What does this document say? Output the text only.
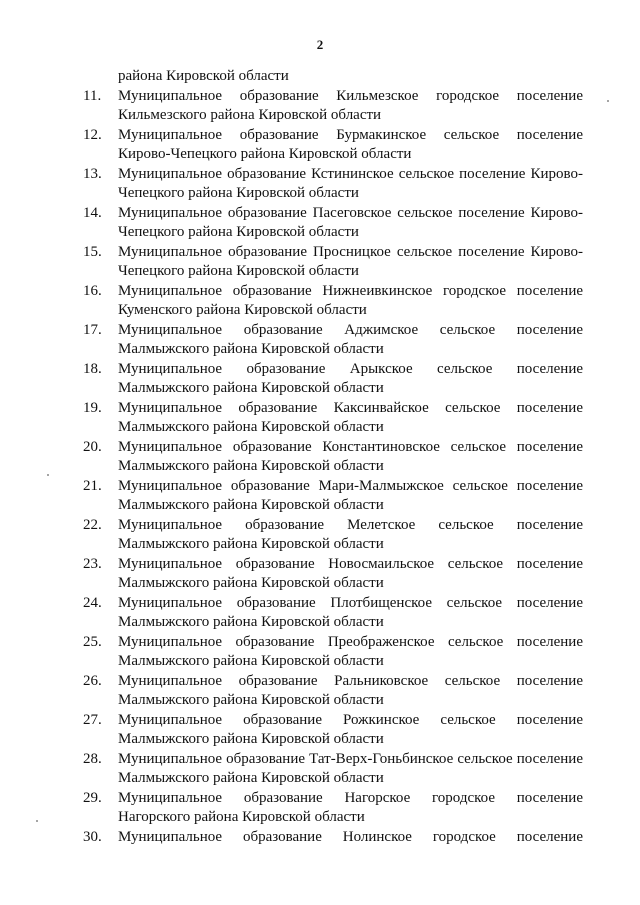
2
района Кировской области
11.	Муниципальное образование Кильмезское городское поселение Кильмезского района Кировской области
12.	Муниципальное образование Бурмакинское сельское поселение Кирово-Чепецкого района Кировской области
13.	Муниципальное образование Кстининское сельское поселение Кирово-Чепецкого района Кировской области
14.	Муниципальное образование Пасеговское сельское поселение Кирово-Чепецкого района Кировской области
15.	Муниципальное образование Просницкое сельское поселение Кирово-Чепецкого района Кировской области
16.	Муниципальное образование Нижнеивкинское городское поселение Куменского района Кировской области
17.	Муниципальное образование Аджимское сельское поселение Малмыжского района Кировской области
18.	Муниципальное образование Арыкское сельское поселение Малмыжского района Кировской области
19.	Муниципальное образование Каксинвайское сельское поселение Малмыжского района Кировской области
20.	Муниципальное образование Константиновское сельское поселение Малмыжского района Кировской области
21.	Муниципальное образование Мари-Малмыжское сельское поселение Малмыжского района Кировской области
22.	Муниципальное образование Мелетское сельское поселение Малмыжского района Кировской области
23.	Муниципальное образование Новосмаильское сельское поселение Малмыжского района Кировской области
24.	Муниципальное образование Плотбищенское сельское поселение Малмыжского района Кировской области
25.	Муниципальное образование Преображенское сельское поселение Малмыжского района Кировской области
26.	Муниципальное образование Ральниковское сельское поселение Малмыжского района Кировской области
27.	Муниципальное образование Рожкинское сельское поселение Малмыжского района Кировской области
28.	Муниципальное образование Тат-Верх-Гоньбинское сельское поселение Малмыжского района Кировской области
29.	Муниципальное образование Нагорское городское поселение Нагорского района Кировской области
30.	Муниципальное образование Нолинское городское поселение
